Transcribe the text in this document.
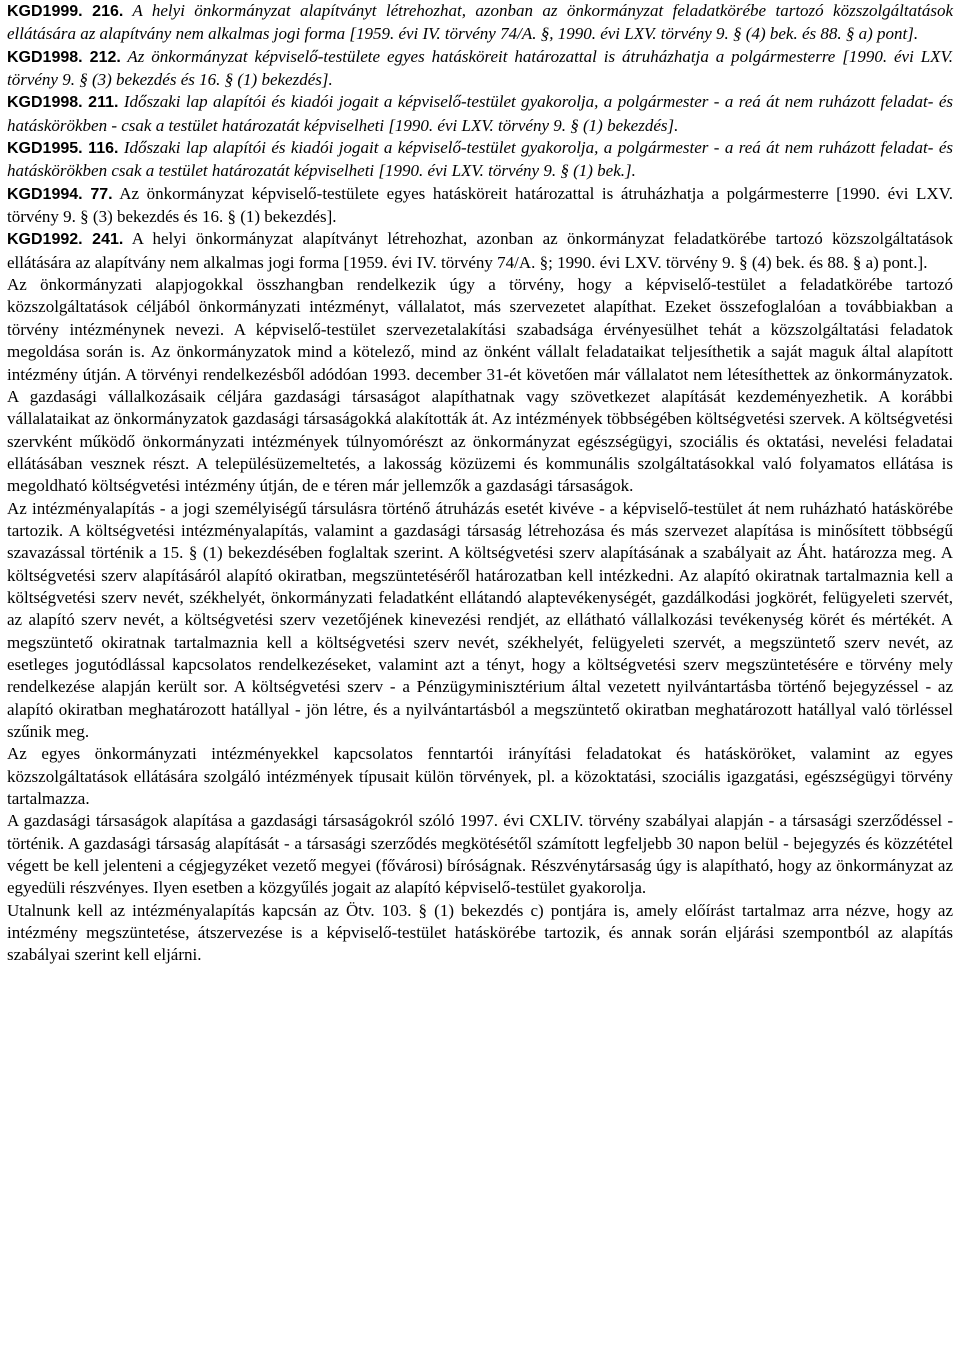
KGD1999. 216. A helyi önkormányzat alapítványt létrehozhat, azonban az önkormányzat feladatkörébe tartozó közszolgáltatások ellátására az alapítvány nem alkalmas jogi forma [1959. évi IV. törvény 74/A. §, 1990. évi LXV. törvény 9. § (4) bek. és 88. § a) pont].

KGD1998. 212. Az önkormányzat képviselő-testülete egyes hatásköreit határozattal is átruházhatja a polgármesterre [1990. évi LXV. törvény 9. § (3) bekezdés és 16. § (1) bekezdés].

KGD1998. 211. Időszaki lap alapítói és kiadói jogait a képviselő-testület gyakorolja, a polgármester - a reá át nem ruházott feladat- és hatáskörökben - csak a testület határozatát képviselheti [1990. évi LXV. törvény 9. § (1) bekezdés].

KGD1995. 116. Időszaki lap alapítói és kiadói jogait a képviselő-testület gyakorolja, a polgármester - a reá át nem ruházott feladat- és hatáskörökben csak a testület határozatát képviselheti [1990. évi LXV. törvény 9. § (1) bek.].

KGD1994. 77. Az önkormányzat képviselő-testülete egyes hatásköreit határozattal is átruházhatja a polgármesterre [1990. évi LXV. törvény 9. § (3) bekezdés és 16. § (1) bekezdés].

KGD1992. 241. A helyi önkormányzat alapítványt létrehozhat, azonban az önkormányzat feladatkörébe tartozó közszolgáltatások ellátására az alapítvány nem alkalmas jogi forma [1959. évi IV. törvény 74/A. §; 1990. évi LXV. törvény 9. § (4) bek. és 88. § a) pont.].

Az önkormányzati alapjogokkal összhangban rendelkezik úgy a törvény, hogy a képviselő-testület a feladatkörébe tartozó közszolgáltatások céljából önkormányzati intézményt, vállalatot, más szervezetet alapíthat. Ezeket összefoglalóan a továbbiakban a törvény intézménynek nevezi. A képviselő-testület szervezetalakítási szabadsága érvényesülhet tehát a közszolgáltatási feladatok megoldása során is. Az önkormányzatok mind a kötelező, mind az önként vállalt feladataikat teljesíthetik a saját maguk által alapított intézmény útján. A törvényi rendelkezésből adódóan 1993. december 31-ét követően már vállalatot nem létesíthettek az önkormányzatok. A gazdasági vállalkozásaik céljára gazdasági társaságot alapíthatnak vagy szövetkezet alapítását kezdeményezhetik. A korábbi vállalataikat az önkormányzatok gazdasági társaságokká alakították át. Az intézmények többségében költségvetési szervek. A költségvetési szervként működő önkormányzati intézmények túlnyomórészt az önkormányzat egészségügyi, szociális és oktatási, nevelési feladatai ellátásában vesznek részt. A településüzemeltetés, a lakosság közüzemi és kommunális szolgáltatásokkal való folyamatos ellátása is megoldható költségvetési intézmény útján, de e téren már jellemzők a gazdasági társaságok.

Az intézményalapítás - a jogi személyiségű társulásra történő átruházás esetét kivéve - a képviselő-testület át nem ruházható hatáskörébe tartozik. A költségvetési intézményalapítás, valamint a gazdasági társaság létrehozása és más szervezet alapítása is minősített többségű szavazással történik a 15. § (1) bekezdésében foglaltak szerint. A költségvetési szerv alapításának a szabályait az Áht. határozza meg. A költségvetési szerv alapításáról alapító okiratban, megszüntetéséről határozatban kell intézkedni. Az alapító okiratnak tartalmaznia kell a költségvetési szerv nevét, székhelyét, önkormányzati feladatként ellátandó alaptevékenységét, gazdálkodási jogkörét, felügyeleti szervét, az alapító szerv nevét, a költségvetési szerv vezetőjének kinevezési rendjét, az ellátható vállalkozási tevékenység körét és mértékét. A megszüntető okiratnak tartalmaznia kell a költségvetési szerv nevét, székhelyét, felügyeleti szervét, a megszüntető szerv nevét, az esetleges jogutódlással kapcsolatos rendelkezéseket, valamint azt a tényt, hogy a költségvetési szerv megszüntetésére e törvény mely rendelkezése alapján került sor. A költségvetési szerv - a Pénzügyminisztérium által vezetett nyilvántartásba történő bejegyzéssel - az alapító okiratban meghatározott hatállyal - jön létre, és a nyilvántartásból a megszüntető okiratban meghatározott hatállyal való törléssel szűnik meg.

Az egyes önkormányzati intézményekkel kapcsolatos fenntartói irányítási feladatokat és hatásköröket, valamint az egyes közszolgáltatások ellátására szolgáló intézmények típusait külön törvények, pl. a közoktatási, szociális igazgatási, egészségügyi törvény tartalmazza.

A gazdasági társaságok alapítása a gazdasági társaságokról szóló 1997. évi CXLIV. törvény szabályai alapján - a társasági szerződéssel - történik. A gazdasági társaság alapítását - a társasági szerződés megkötésétől számított legfeljebb 30 napon belül - bejegyzés és közzététel végett be kell jelenteni a cégjegyzéket vezető megyei (fővárosi) bíróságnak. Részvénytársaság úgy is alapítható, hogy az önkormányzat az egyedüli részvényes. Ilyen esetben a közgyűlés jogait az alapító képviselő-testület gyakorolja.

Utalnunk kell az intézményalapítás kapcsán az Ötv. 103. § (1) bekezdés c) pontjára is, amely előírást tartalmaz arra nézve, hogy az intézmény megszüntetése, átszervezése is a képviselő-testület hatáskörébe tartozik, és annak során eljárási szempontból az alapítás szabályai szerint kell eljárni.
